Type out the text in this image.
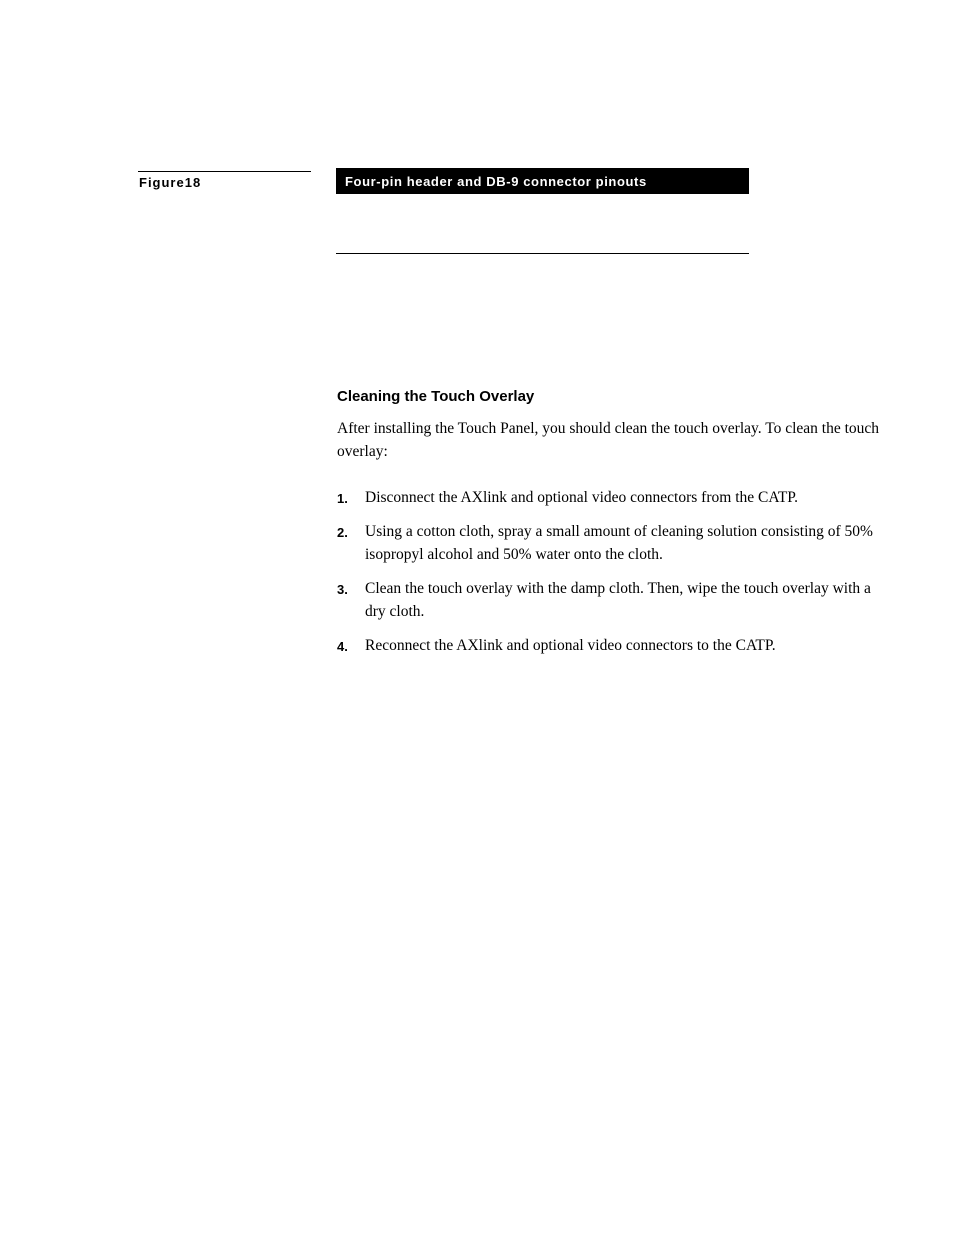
Figure18	Four-pin header and DB-9 connector pinouts
Cleaning the Touch Overlay

After installing the Touch Panel, you should clean the touch overlay. To clean the touch overlay:

1. Disconnect the AXlink and optional video connectors from the CATP.
2. Using a cotton cloth, spray a small amount of cleaning solution consisting of 50% isopropyl alcohol and 50% water onto the cloth.
3. Clean the touch overlay with the damp cloth. Then, wipe the touch overlay with a dry cloth.
4. Reconnect the AXlink and optional video connectors to the CATP.
